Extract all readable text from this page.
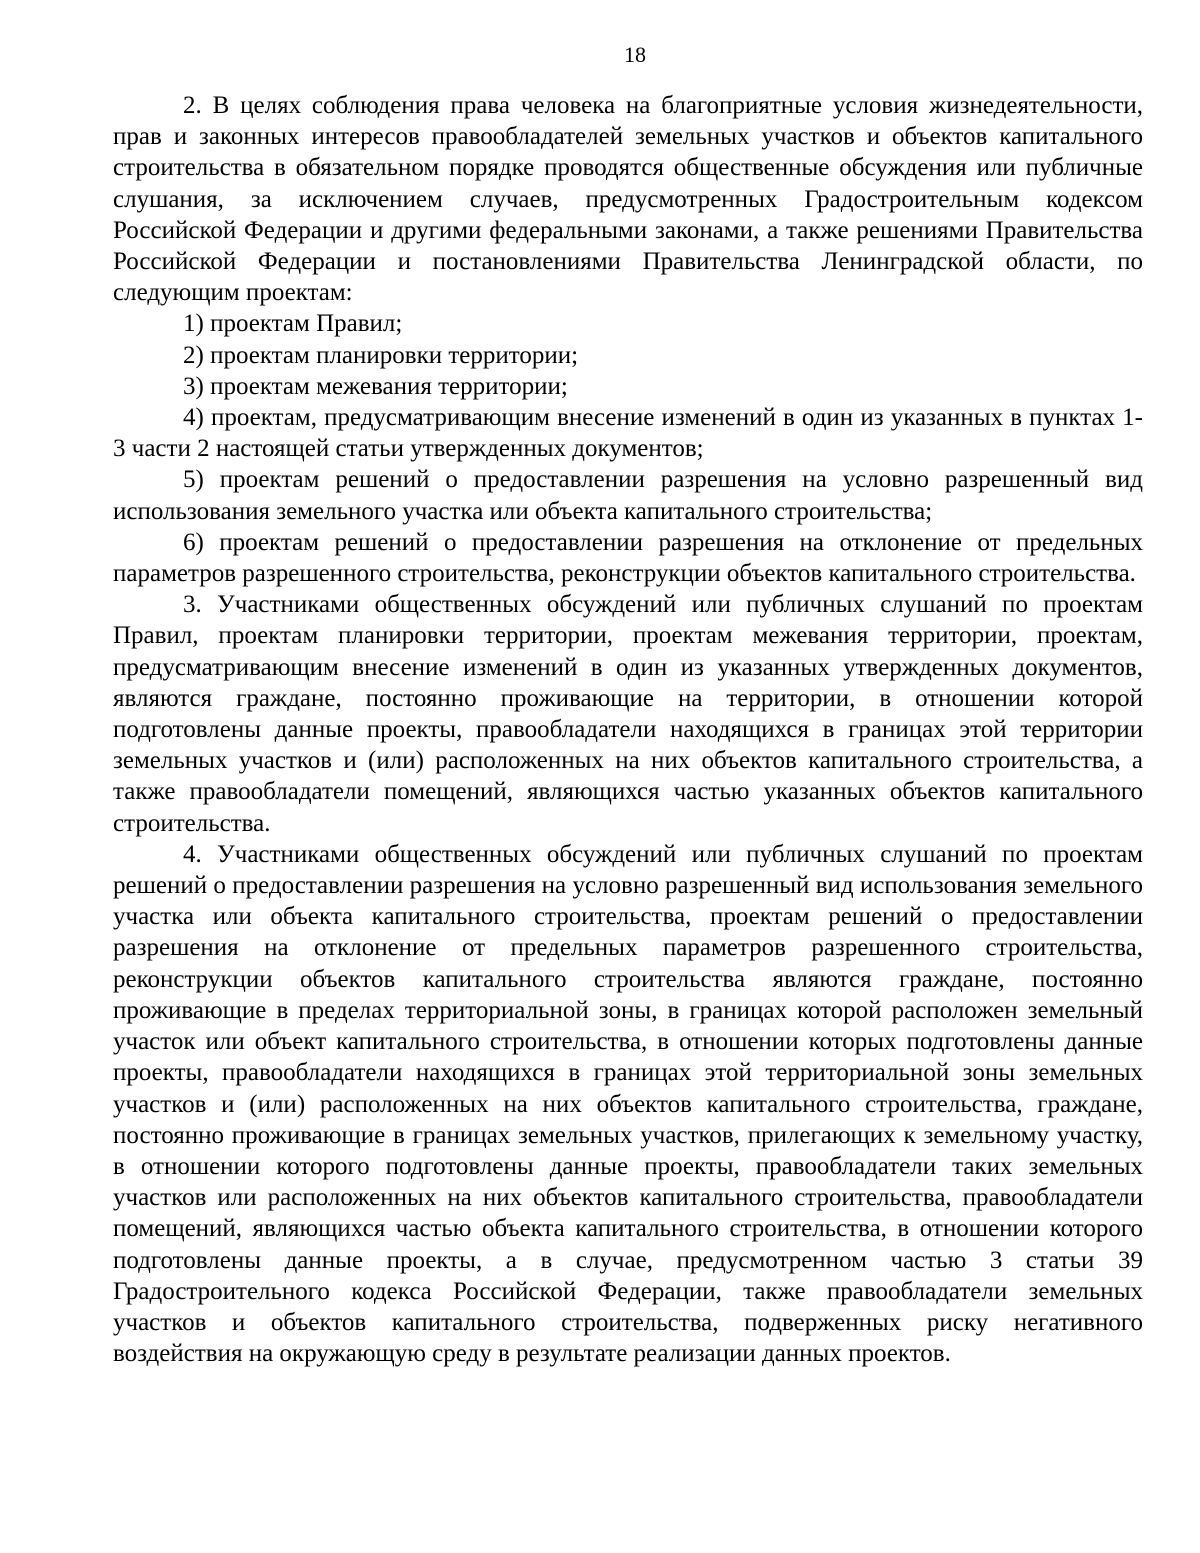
18

2. В целях соблюдения права человека на благоприятные условия жизнедеятельности, прав и законных интересов правообладателей земельных участков и объектов капитального строительства в обязательном порядке проводятся общественные обсуждения или публичные слушания, за исключением случаев, предусмотренных Градостроительным кодексом Российской Федерации и другими федеральными законами, а также решениями Правительства Российской Федерации и постановлениями Правительства Ленинградской области, по следующим проектам:

1) проектам Правил;

2) проектам планировки территории;

3) проектам межевания территории;

4) проектам, предусматривающим внесение изменений в один из указанных в пунктах 1-3 части 2 настоящей статьи утвержденных документов;

5) проектам решений о предоставлении разрешения на условно разрешенный вид использования земельного участка или объекта капитального строительства;

6) проектам решений о предоставлении разрешения на отклонение от предельных параметров разрешенного строительства, реконструкции объектов капитального строительства.

3. Участниками общественных обсуждений или публичных слушаний по проектам Правил, проектам планировки территории, проектам межевания территории, проектам, предусматривающим внесение изменений в один из указанных утвержденных документов, являются граждане, постоянно проживающие на территории, в отношении которой подготовлены данные проекты, правообладатели находящихся в границах этой территории земельных участков и (или) расположенных на них объектов капитального строительства, а также правообладатели помещений, являющихся частью указанных объектов капитального строительства.

4. Участниками общественных обсуждений или публичных слушаний по проектам решений о предоставлении разрешения на условно разрешенный вид использования земельного участка или объекта капитального строительства, проектам решений о предоставлении разрешения на отклонение от предельных параметров разрешенного строительства, реконструкции объектов капитального строительства являются граждане, постоянно проживающие в пределах территориальной зоны, в границах которой расположен земельный участок или объект капитального строительства, в отношении которых подготовлены данные проекты, правообладатели находящихся в границах этой территориальной зоны земельных участков и (или) расположенных на них объектов капитального строительства, граждане, постоянно проживающие в границах земельных участков, прилегающих к земельному участку, в отношении которого подготовлены данные проекты, правообладатели таких земельных участков или расположенных на них объектов капитального строительства, правообладатели помещений, являющихся частью объекта капитального строительства, в отношении которого подготовлены данные проекты, а в случае, предусмотренном частью 3 статьи 39 Градостроительного кодекса Российской Федерации, также правообладатели земельных участков и объектов капитального строительства, подверженных риску негативного воздействия на окружающую среду в результате реализации данных проектов.
